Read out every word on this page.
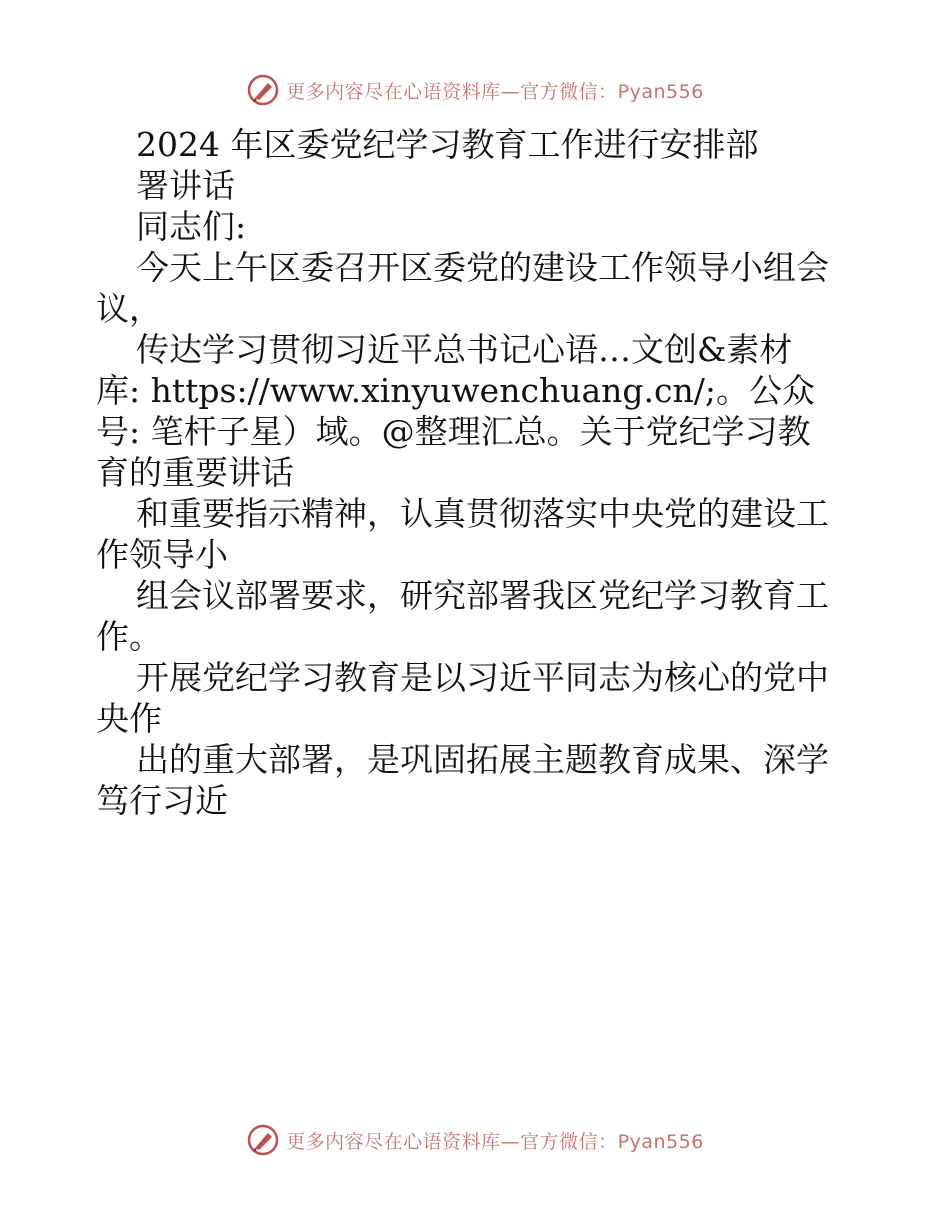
更多内容尽在心语资料库—官方微信：Pyan556

2024 年区委党纪学习教育工作进行安排部

署讲话

同志们:

今天上午区委召开区委党的建设工作领导小组会

议，

传达学习贯彻习近平总书记心语…文创&素材

库: https://www.xinyuwenchuang.cn/;。公众

号: 笔杆子星）域。@整理汇总。关于党纪学习教

育的重要讲话

和重要指示精神，认真贯彻落实中央党的建设工

作领导小

组会议部署要求，研究部署我区党纪学习教育工

作。

开展党纪学习教育是以习近平同志为核心的党中

央作

出的重大部署，是巩固拓展主题教育成果、深学

笃行习近

更多内容尽在心语资料库—官方微信：Pyan556
